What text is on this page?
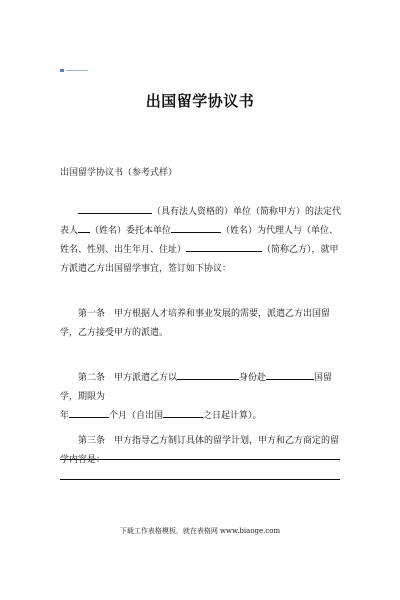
出国留学协议书
出国留学协议书（参考式样）
（具有法人资格的）单位（简称甲方）的法定代表人 （姓名）委托本单位	（姓名）为代理人与（单位、姓名、性别、出生年月、住址）	（简称乙方），就甲方派遣乙方出国留学事宜，签订如下协议：
第一条　甲方根据人才培养和事业发展的需要，派遣乙方出国留学，乙方接受甲方的派遣。
第二条　甲方派遣乙方以	身份赴	国留学，期限为
年	个月（自出国	之日起计算）。
第三条　甲方指导乙方制订具体的留学计划，甲方和乙方商定的留学内容是：
下载工作表格模板，就在表格网 www.biaoge.com
